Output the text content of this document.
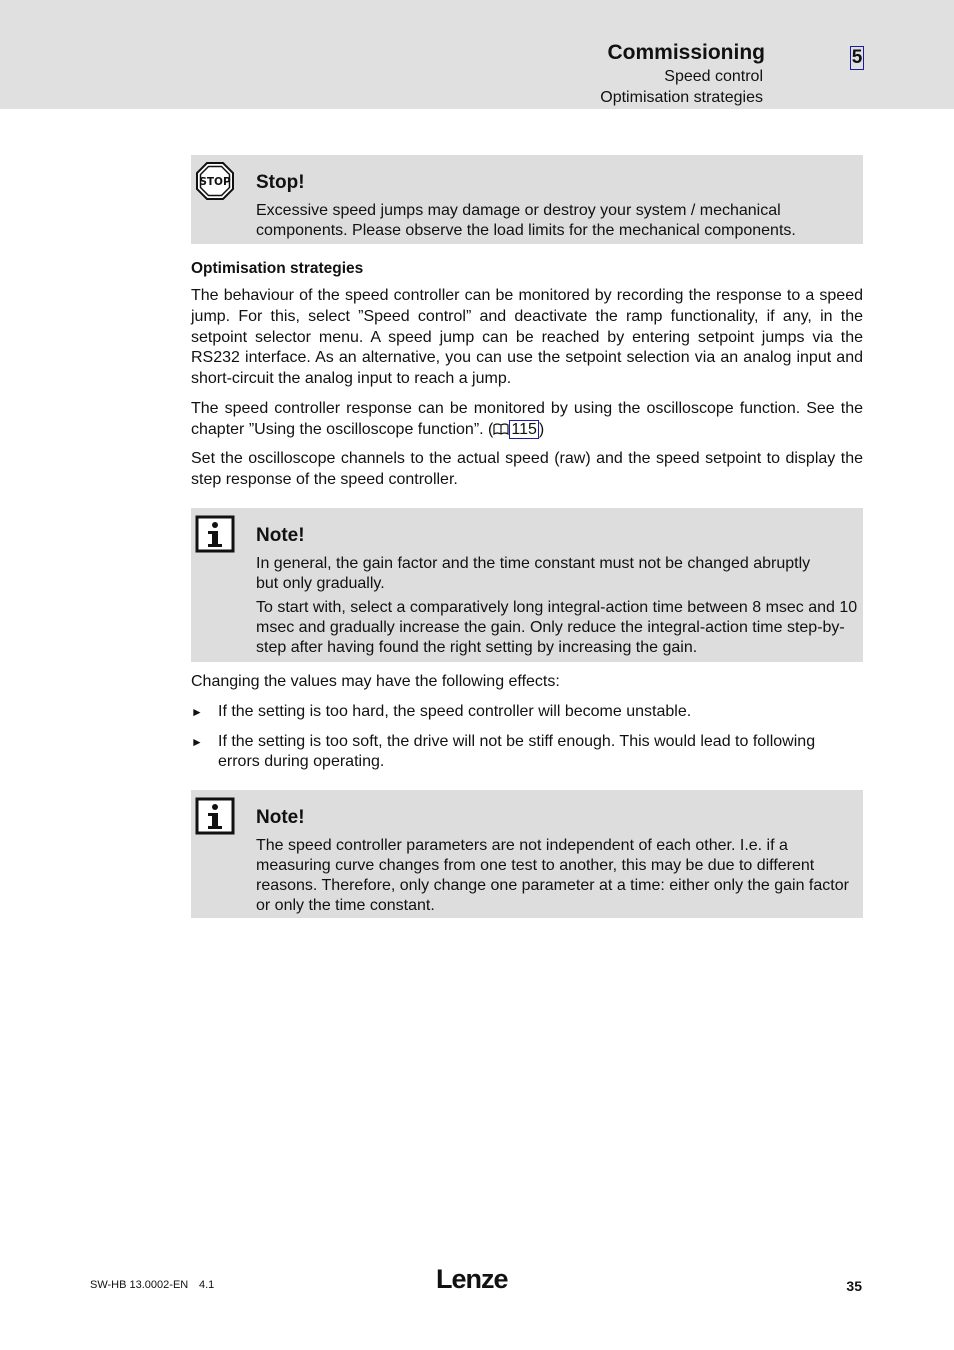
Commissioning
Speed control
Optimisation strategies
5
STOP Stop!
Excessive speed jumps may damage or destroy your system / mechanical components. Please observe the load limits for the mechanical components.
Optimisation strategies
The behaviour of the speed controller can be monitored by recording the response to a speed jump. For this, select ”Speed control” and deactivate the ramp functionality, if any, in the setpoint selector menu. A speed jump can be reached by entering setpoint jumps via the RS232 interface. As an alternative, you can use the setpoint selection via an analog input and short-circuit the analog input to reach a jump.
The speed controller response can be monitored by using the oscilloscope function. See the chapter ”Using the oscilloscope function”. ( 115 )
Set the oscilloscope channels to the actual speed (raw) and the speed setpoint to display the step response of the speed controller.
Note!
In general, the gain factor and the time constant must not be changed abruptly but only gradually.
To start with, select a comparatively long integral-action time between 8 msec and 10 msec and gradually increase the gain. Only reduce the integral-action time step-by-step after having found the right setting by increasing the gain.
Changing the values may have the following effects:
► If the setting is too hard, the speed controller will become unstable.
► If the setting is too soft, the drive will not be stiff enough. This would lead to following errors during operating.
Note!
The speed controller parameters are not independent of each other. I.e. if a measuring curve changes from one test to another, this may be due to different reasons. Therefore, only change one parameter at a time: either only the gain factor or only the time constant.
SW-HB 13.0002-EN 4.1	Lenze	35
